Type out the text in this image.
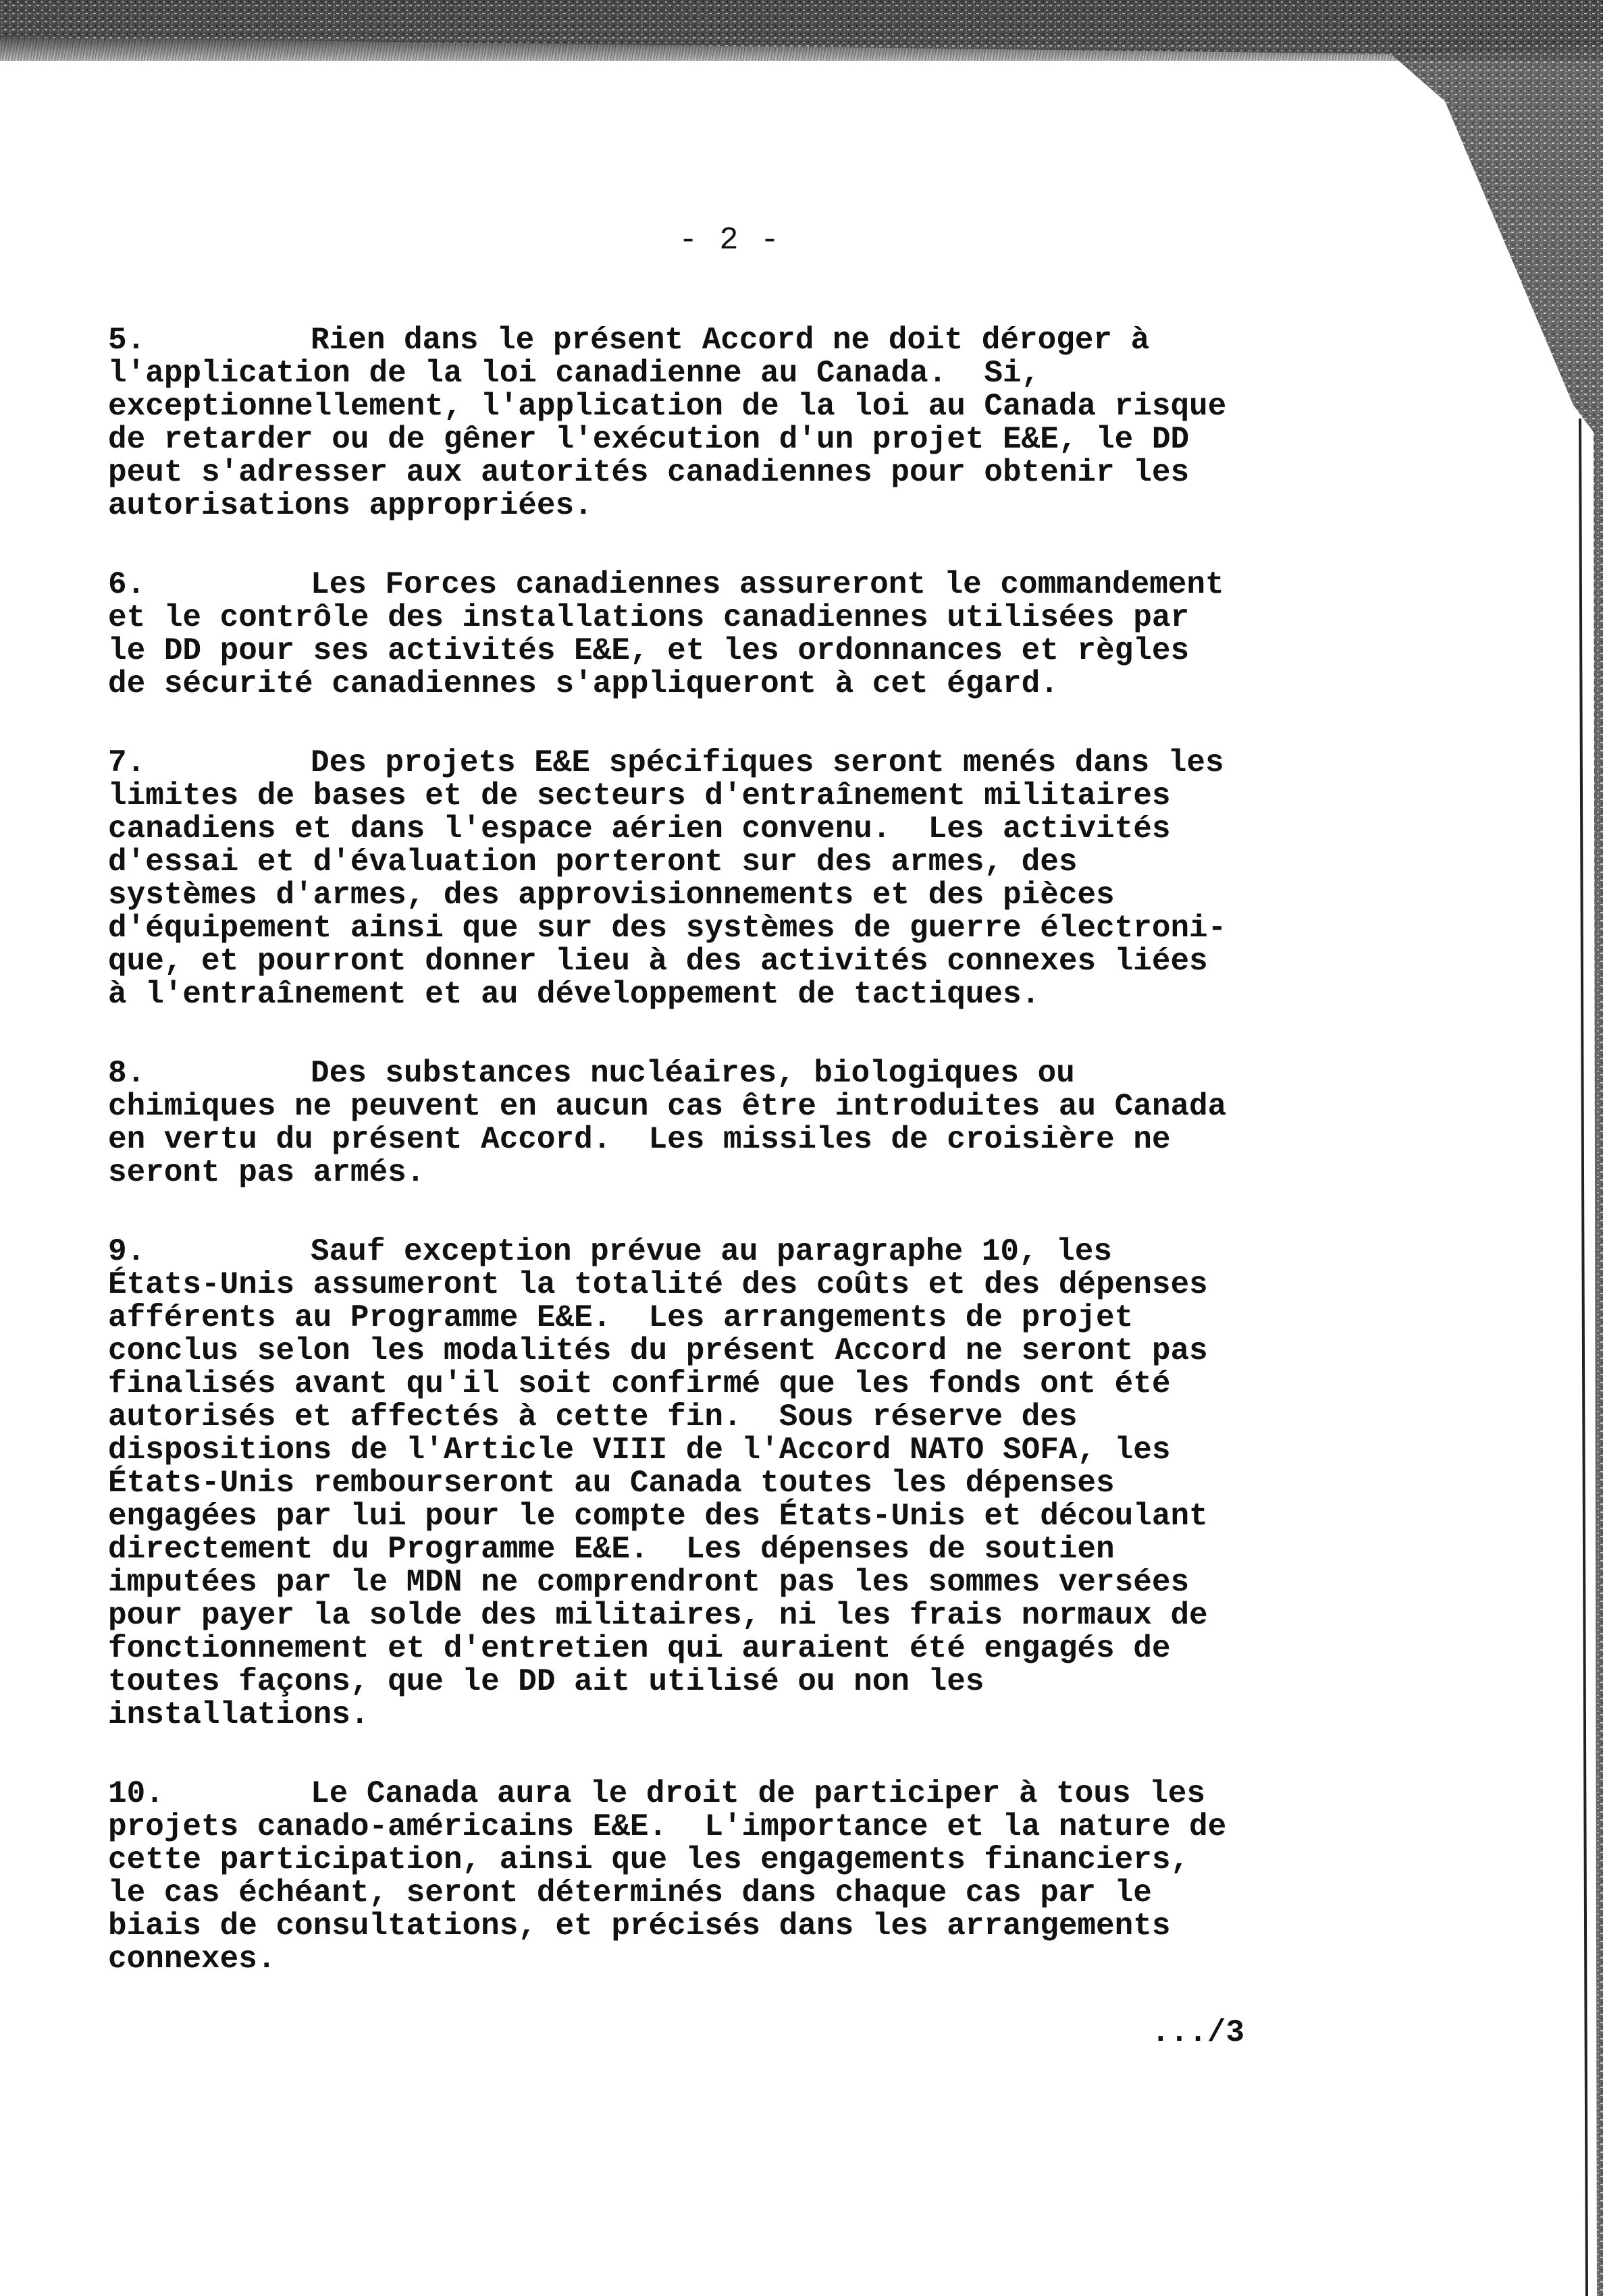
- 2 -
5.	Rien dans le présent Accord ne doit déroger à
l'application de la loi canadienne au Canada.  Si,
exceptionnellement, l'application de la loi au Canada risque
de retarder ou de gêner l'exécution d'un projet E&E, le DD
peut s'adresser aux autorités canadiennes pour obtenir les
autorisations appropriées.
6.	Les Forces canadiennes assureront le commandement
et le contrôle des installations canadiennes utilisées par
le DD pour ses activités E&E, et les ordonnances et règles
de sécurité canadiennes s'appliqueront à cet égard.
7.	Des projets E&E spécifiques seront menés dans les
limites de bases et de secteurs d'entraînement militaires
canadiens et dans l'espace aérien convenu.  Les activités
d'essai et d'évaluation porteront sur des armes, des
systèmes d'armes, des approvisionnements et des pièces
d'équipement ainsi que sur des systèmes de guerre électroni-
que, et pourront donner lieu à des activités connexes liées
à l'entraînement et au développement de tactiques.
8.	Des substances nucléaires, biologiques ou
chimiques ne peuvent en aucun cas être introduites au Canada
en vertu du présent Accord.  Les missiles de croisière ne
seront pas armés.
9.	Sauf exception prévue au paragraphe 10, les
États-Unis assumeront la totalité des coûts et des dépenses
afférents au Programme E&E.  Les arrangements de projet
conclus selon les modalités du présent Accord ne seront pas
finalisés avant qu'il soit confirmé que les fonds ont été
autorisés et affectés à cette fin.  Sous réserve des
dispositions de l'Article VIII de l'Accord NATO SOFA, les
États-Unis rembourseront au Canada toutes les dépenses
engagées par lui pour le compte des États-Unis et découlant
directement du Programme E&E.  Les dépenses de soutien
imputées par le MDN ne comprendront pas les sommes versées
pour payer la solde des militaires, ni les frais normaux de
fonctionnement et d'entretien qui auraient été engagés de
toutes façons, que le DD ait utilisé ou non les
installations.
10.	Le Canada aura le droit de participer à tous les
projets canado-américains E&E.  L'importance et la nature de
cette participation, ainsi que les engagements financiers,
le cas échéant, seront déterminés dans chaque cas par le
biais de consultations, et précisés dans les arrangements
connexes.
.../3
